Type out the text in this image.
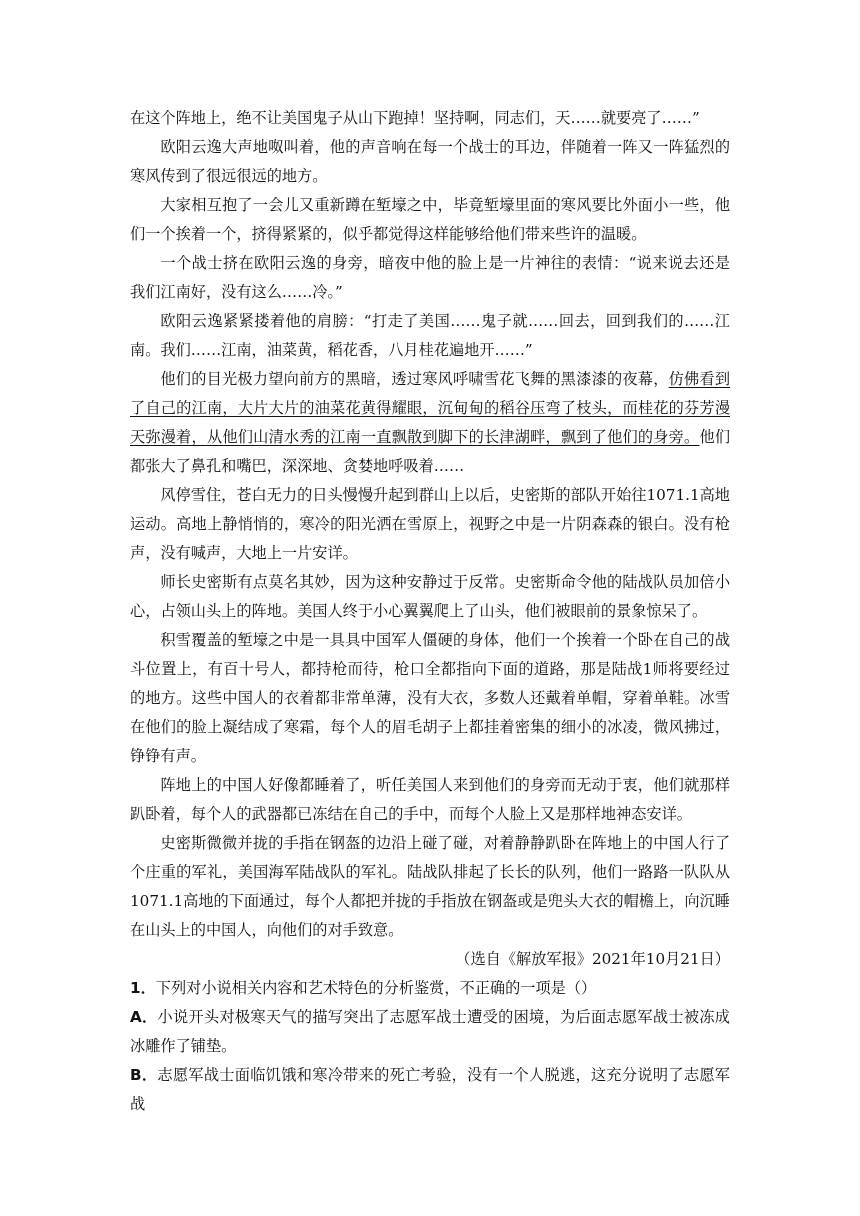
在这个阵地上，绝不让美国鬼子从山下跑掉！坚持啊，同志们，天……就要亮了……”

欧阳云逸大声地呶叫着，他的声音响在每一个战士的耳边，伴随着一阵又一阵猛烈的寒风传到了很远很远的地方。

大家相互抱了一会儿又重新蹲在堑壕之中，毕竟堑壕里面的寒风要比外面小一些，他们一个挨着一个，挤得紧紧的，似乎都觉得这样能够给他们带来些许的温暖。

一个战士挤在欧阳云逸的身旁，暗夜中他的脸上是一片神往的表情：“说来说去还是我们江南好，没有这么……冷。”

欧阳云逸紧紧搂着他的肩膀：“打走了美国……鬼子就……回去，回到我们的……江南。我们……江南，油菜黄，稻花香，八月桂花遍地开……”

他们的目光极力望向前方的黑暗，透过寒风呼啸雪花飞舞的黑漆漆的夜幕，仿佛看到了自己的江南，大片大片的油菜花黄得耀眼，沉甸甸的稻谷压弯了枝头，而桂花的芬芳漫天弥漫着，从他们山清水秀的江南一直飘散到脚下的长津湖畔，飘到了他们的身旁。他们都张大了鼻孔和嘴巴，深深地、贪婪地呼吸着……

风停雪住，苍白无力的日头慢慢升起到群山上以后，史密斯的部队开始往1071.1高地运动。高地上静悄悄的，寒冷的阳光洒在雪原上，视野之中是一片阴森森的银白。没有枪声，没有喊声，大地上一片安详。

师长史密斯有点莫名其妙，因为这种安静过于反常。史密斯命令他的陆战队员加倍小心，占领山头上的阵地。美国人终于小心翼翼爬上了山头，他们被眼前的景象惊呆了。

积雪覆盖的堑壕之中是一具具中国军人僵硬的身体，他们一个挨着一个卧在自己的战斗位置上，有百十号人，都持枪而待，枪口全都指向下面的道路，那是陆战1师将要经过的地方。这些中国人的衣着都非常单薄，没有大衣，多数人还戴着单帽，穿着单鞋。冰雪在他们的脸上凝结成了寒霜，每个人的眉毛胡子上都挂着密集的细小的冰凌，微风拂过，铮铮有声。

阵地上的中国人好像都睡着了，听任美国人来到他们的身旁而无动于衷，他们就那样趴卧着，每个人的武器都已冻结在自己的手中，而每个人脸上又是那样地神态安详。

史密斯微微并拢的手指在钢盔的边沿上碰了碰，对着静静趴卧在阵地上的中国人行了个庄重的军礼，美国海军陆战队的军礼。陆战队排起了长长的队列，他们一路路一队队从1071.1高地的下面通过，每个人都把并拢的手指放在钢盔或是兜头大衣的帽檐上，向沉睡在山头上的中国人，向他们的对手致意。

（选自《解放军报》2021年10月21日）

1．下列对小说相关内容和艺术特色的分析鉴赏，不正确的一项是（）

A．小说开头对极寒天气的描写突出了志愿军战士遭受的困境，为后面志愿军战士被冻成冰雕作了铺垫。

B．志愿军战士面临饥饿和寒冷带来的死亡考验，没有一个人脱逃，这充分说明了志愿军战
